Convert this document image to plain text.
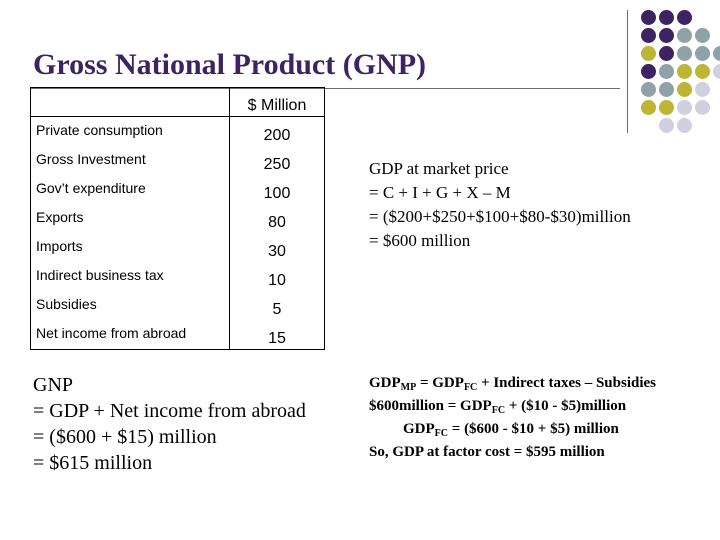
Gross National Product (GNP)
	$ Million
Private consumption	200
Gross Investment	250
Gov’t expenditure	100
Exports	80
Imports	30
Indirect business tax	10
Subsidies	5
Net income from abroad	15
GDP at market price
= C + I + G + X – M
= ($200+$250+$100+$80-$30)million
= $600 million
GNP
= GDP + Net income from abroad
= ($600 + $15) million
= $615 million
$GDP_{MP} = GDP_{FC}$ + Indirect taxes – Subsidies
$600million = $GDP_{FC}$ + ($10 - $5)million
$GDP_{FC}$ = ($600 - $10 + $5) million
So, GDP at factor cost = $595 million
